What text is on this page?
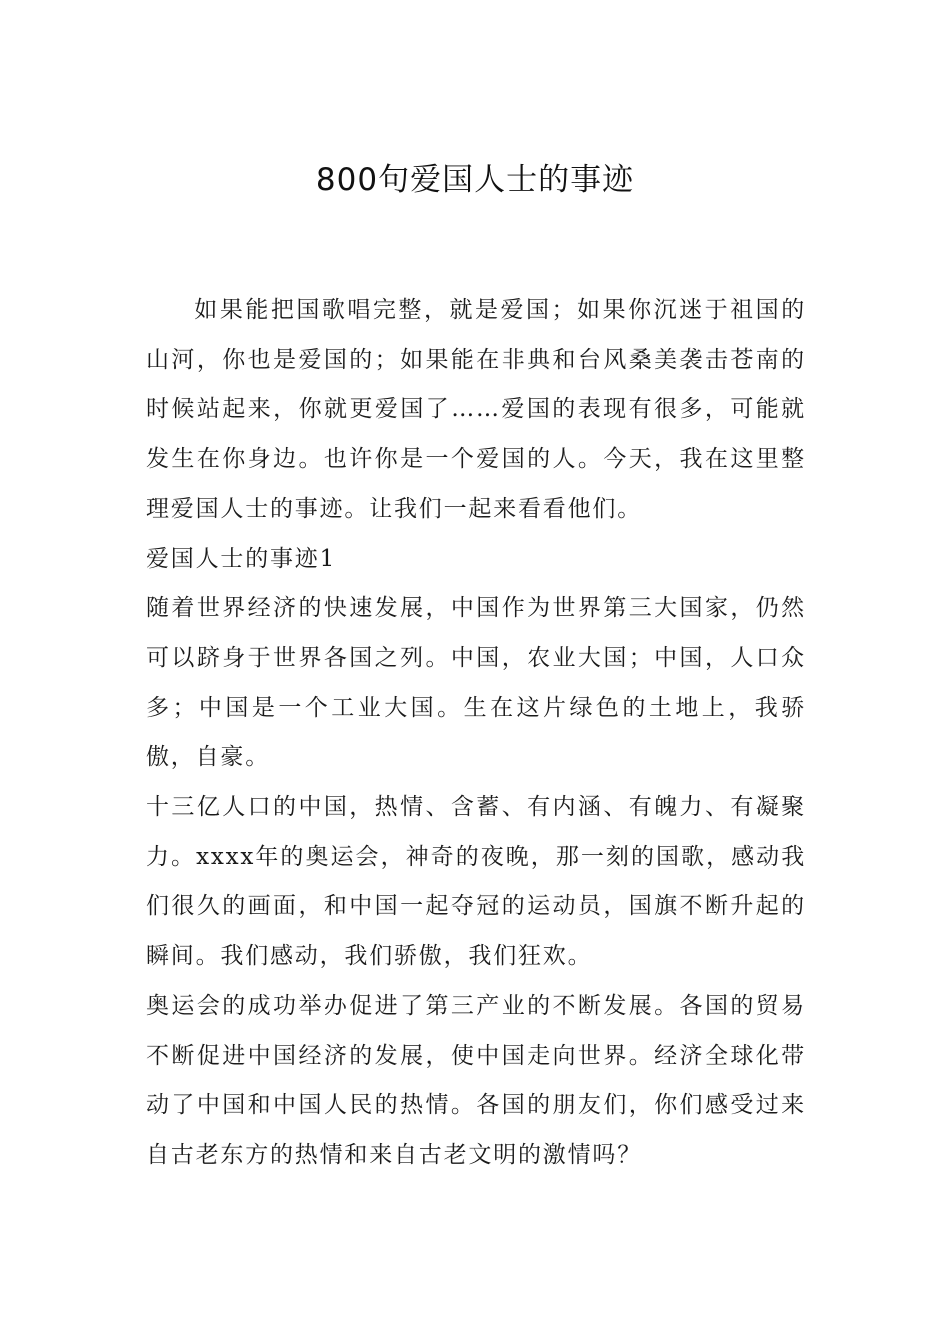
800句爱国人士的事迹

如果能把国歌唱完整，就是爱国；如果你沉迷于祖国的山河，你也是爱国的；如果能在非典和台风桑美袭击苍南的时候站起来，你就更爱国了……爱国的表现有很多，可能就发生在你身边。也许你是一个爱国的人。今天，我在这里整理爱国人士的事迹。让我们一起来看看他们。

爱国人士的事迹1

随着世界经济的快速发展，中国作为世界第三大国家，仍然可以跻身于世界各国之列。中国，农业大国；中国，人口众多；中国是一个工业大国。生在这片绿色的土地上，我骄傲，自豪。

十三亿人口的中国，热情、含蓄、有内涵、有魄力、有凝聚力。xxxx年的奥运会，神奇的夜晚，那一刻的国歌，感动我们很久的画面，和中国一起夺冠的运动员，国旗不断升起的瞬间。我们感动，我们骄傲，我们狂欢。

奥运会的成功举办促进了第三产业的不断发展。各国的贸易不断促进中国经济的发展，使中国走向世界。经济全球化带动了中国和中国人民的热情。各国的朋友们，你们感受过来自古老东方的热情和来自古老文明的激情吗？
